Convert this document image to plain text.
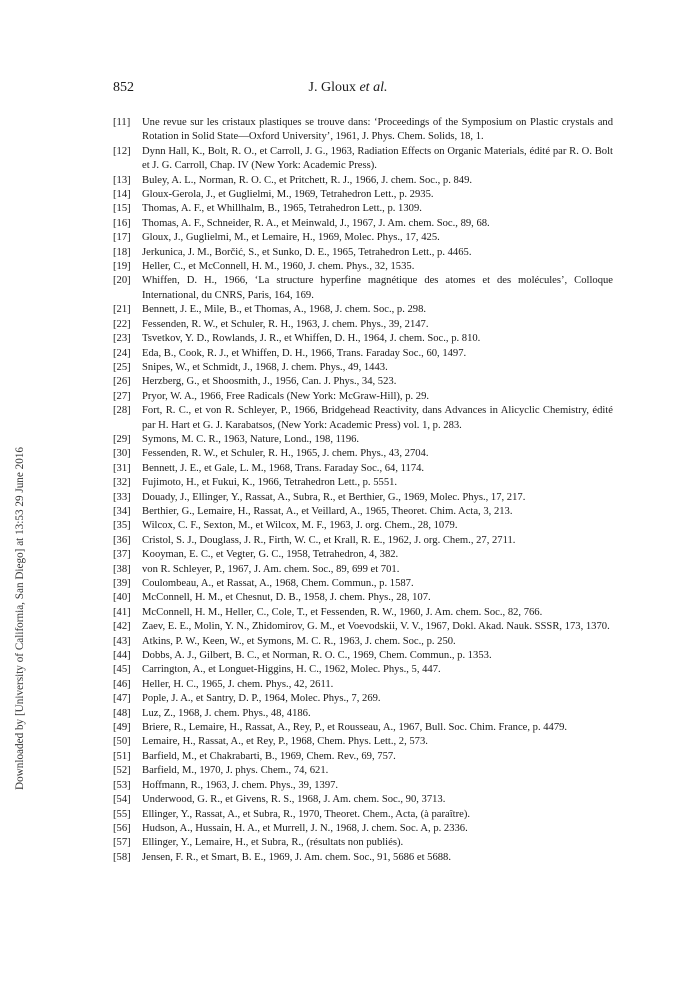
852	J. Gloux et al.
Downloaded by [University of California, San Diego] at 13:53 29 June 2016
[11] Une revue sur les cristaux plastiques se trouve dans: ‘Proceedings of the Symposium on Plastic crystals and Rotation in Solid State—Oxford University’, 1961, J. Phys. Chem. Solids, 18, 1.
[12] Dynn Hall, K., Bolt, R. O., et Carroll, J. G., 1963, Radiation Effects on Organic Materials, édité par R. O. Bolt et J. G. Carroll, Chap. IV (New York: Academic Press).
[13] Buley, A. L., Norman, R. O. C., et Pritchett, R. J., 1966, J. chem. Soc., p. 849.
[14] Gloux-Gerola, J., et Guglielmi, M., 1969, Tetrahedron Lett., p. 2935.
[15] Thomas, A. F., et Whillhalm, B., 1965, Tetrahedron Lett., p. 1309.
[16] Thomas, A. F., Schneider, R. A., et Meinwald, J., 1967, J. Am. chem. Soc., 89, 68.
[17] Gloux, J., Guglielmi, M., et Lemaire, H., 1969, Molec. Phys., 17, 425.
[18] Jerkunica, J. M., Borčić, S., et Sunko, D. E., 1965, Tetrahedron Lett., p. 4465.
[19] Heller, C., et McConnell, H. M., 1960, J. chem. Phys., 32, 1535.
[20] Whiffen, D. H., 1966, ‘La structure hyperfine magnétique des atomes et des molécules’, Colloque International, du CNRS, Paris, 164, 169.
[21] Bennett, J. E., Mile, B., et Thomas, A., 1968, J. chem. Soc., p. 298.
[22] Fessenden, R. W., et Schuler, R. H., 1963, J. chem. Phys., 39, 2147.
[23] Tsvetkov, Y. D., Rowlands, J. R., et Whiffen, D. H., 1964, J. chem. Soc., p. 810.
[24] Eda, B., Cook, R. J., et Whiffen, D. H., 1966, Trans. Faraday Soc., 60, 1497.
[25] Snipes, W., et Schmidt, J., 1968, J. chem. Phys., 49, 1443.
[26] Herzberg, G., et Shoosmith, J., 1956, Can. J. Phys., 34, 523.
[27] Pryor, W. A., 1966, Free Radicals (New York: McGraw-Hill), p. 29.
[28] Fort, R. C., et von R. Schleyer, P., 1966, Bridgehead Reactivity, dans Advances in Alicyclic Chemistry, édité par H. Hart et G. J. Karabatsos, (New York: Academic Press) vol. 1, p. 283.
[29] Symons, M. C. R., 1963, Nature, Lond., 198, 1196.
[30] Fessenden, R. W., et Schuler, R. H., 1965, J. chem. Phys., 43, 2704.
[31] Bennett, J. E., et Gale, L. M., 1968, Trans. Faraday Soc., 64, 1174.
[32] Fujimoto, H., et Fukui, K., 1966, Tetrahedron Lett., p. 5551.
[33] Douady, J., Ellinger, Y., Rassat, A., Subra, R., et Berthier, G., 1969, Molec. Phys., 17, 217.
[34] Berthier, G., Lemaire, H., Rassat, A., et Veillard, A., 1965, Theoret. Chim. Acta, 3, 213.
[35] Wilcox, C. F., Sexton, M., et Wilcox, M. F., 1963, J. org. Chem., 28, 1079.
[36] Cristol, S. J., Douglass, J. R., Firth, W. C., et Krall, R. E., 1962, J. org. Chem., 27, 2711.
[37] Kooyman, E. C., et Vegter, G. C., 1958, Tetrahedron, 4, 382.
[38] von R. Schleyer, P., 1967, J. Am. chem. Soc., 89, 699 et 701.
[39] Coulombeau, A., et Rassat, A., 1968, Chem. Commun., p. 1587.
[40] McConnell, H. M., et Chesnut, D. B., 1958, J. chem. Phys., 28, 107.
[41] McConnell, H. M., Heller, C., Cole, T., et Fessenden, R. W., 1960, J. Am. chem. Soc., 82, 766.
[42] Zaev, E. E., Molin, Y. N., Zhidomirov, G. M., et Voevodskii, V. V., 1967, Dokl. Akad. Nauk. SSSR, 173, 1370.
[43] Atkins, P. W., Keen, W., et Symons, M. C. R., 1963, J. chem. Soc., p. 250.
[44] Dobbs, A. J., Gilbert, B. C., et Norman, R. O. C., 1969, Chem. Commun., p. 1353.
[45] Carrington, A., et Longuet-Higgins, H. C., 1962, Molec. Phys., 5, 447.
[46] Heller, H. C., 1965, J. chem. Phys., 42, 2611.
[47] Pople, J. A., et Santry, D. P., 1964, Molec. Phys., 7, 269.
[48] Luz, Z., 1968, J. chem. Phys., 48, 4186.
[49] Briere, R., Lemaire, H., Rassat, A., Rey, P., et Rousseau, A., 1967, Bull. Soc. Chim. France, p. 4479.
[50] Lemaire, H., Rassat, A., et Rey, P., 1968, Chem. Phys. Lett., 2, 573.
[51] Barfield, M., et Chakrabarti, B., 1969, Chem. Rev., 69, 757.
[52] Barfield, M., 1970, J. phys. Chem., 74, 621.
[53] Hoffmann, R., 1963, J. chem. Phys., 39, 1397.
[54] Underwood, G. R., et Givens, R. S., 1968, J. Am. chem. Soc., 90, 3713.
[55] Ellinger, Y., Rassat, A., et Subra, R., 1970, Theoret. Chem., Acta, (à paraître).
[56] Hudson, A., Hussain, H. A., et Murrell, J. N., 1968, J. chem. Soc. A, p. 2336.
[57] Ellinger, Y., Lemaire, H., et Subra, R., (résultats non publiés).
[58] Jensen, F. R., et Smart, B. E., 1969, J. Am. chem. Soc., 91, 5686 et 5688.
